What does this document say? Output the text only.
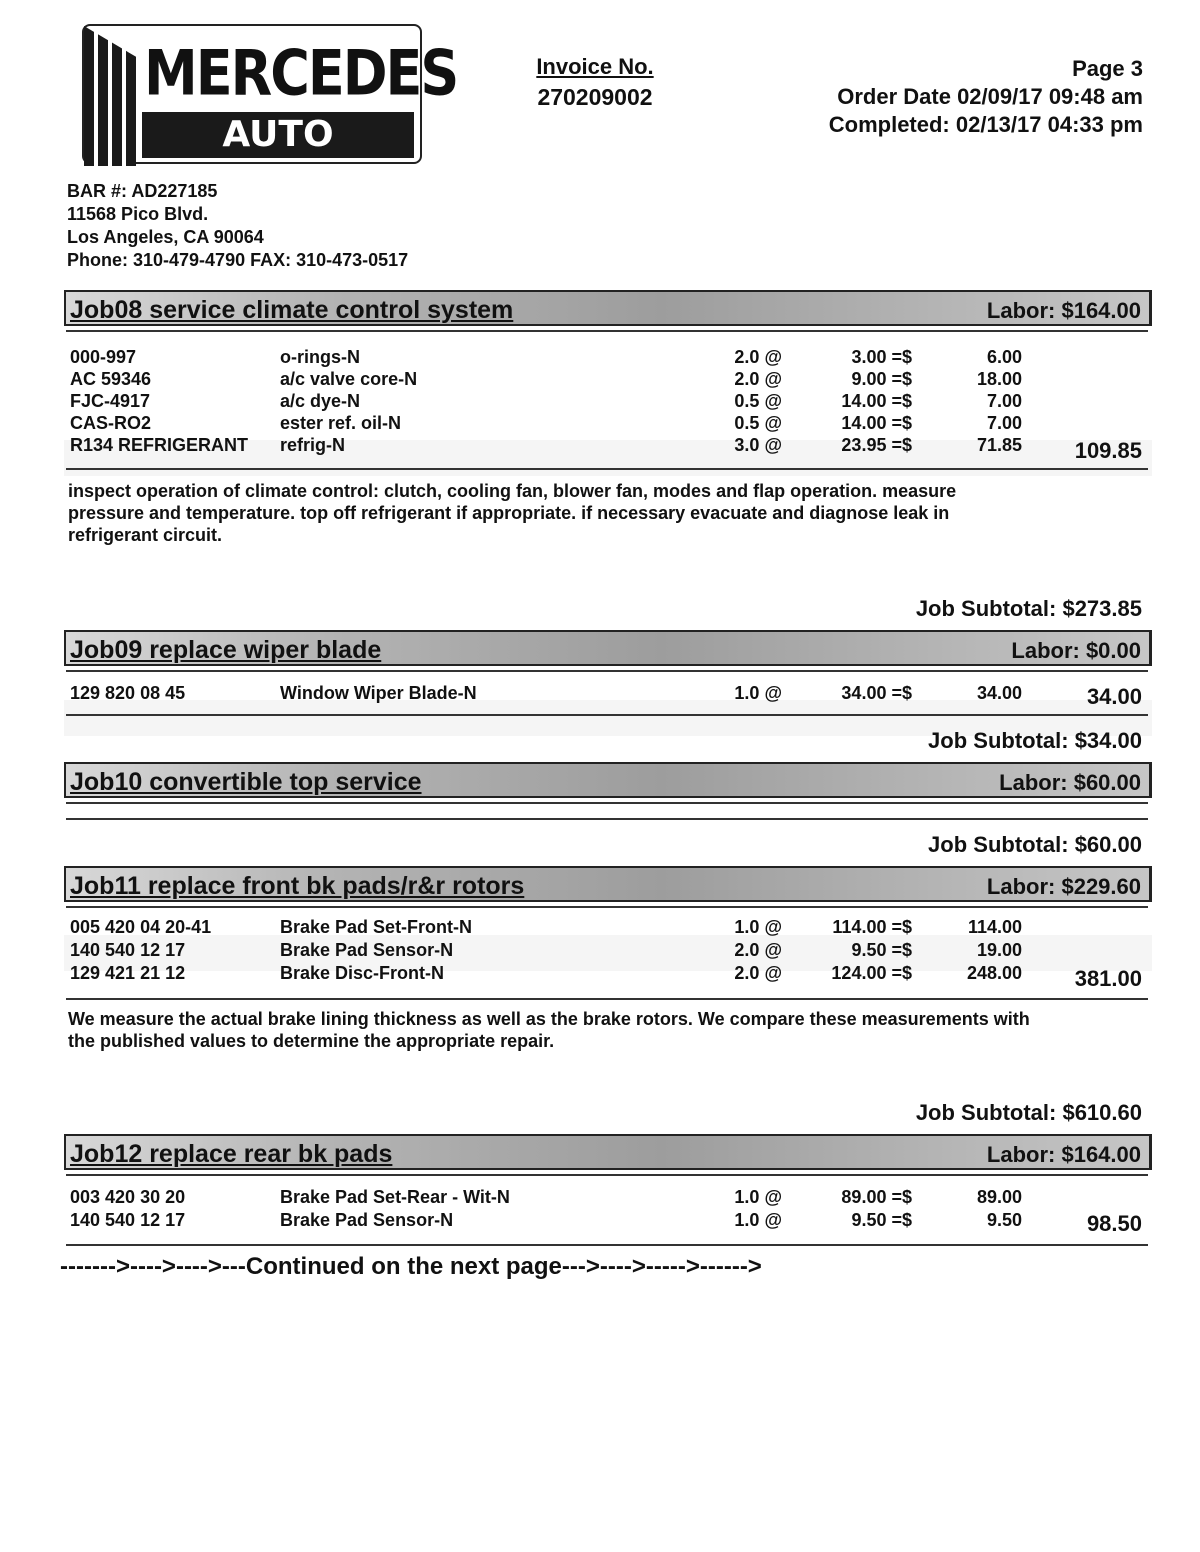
MERCEDES
AUTO SERVICE
Invoice No.
270209002
Page 3
Order Date 02/09/17 09:48 am
Completed: 02/13/17 04:33 pm
BAR #: AD227185
11568 Pico Blvd.
Los Angeles, CA 90064
Phone: 310-479-4790 FAX: 310-473-0517
Job08 service climate control system	Labor: $164.00
000-997	o-rings-N	2.0 @	3.00 =$	6.00
AC 59346	a/c valve core-N	2.0 @	9.00 =$	18.00
FJC-4917	a/c dye-N	0.5 @	14.00 =$	7.00
CAS-RO2	ester ref. oil-N	0.5 @	14.00 =$	7.00
R134 REFRIGERANT refrig-N	3.0 @	23.95 =$	71.85	109.85
inspect operation of climate control: clutch, cooling fan, blower fan, modes and flap operation. measure
pressure and temperature. top off refrigerant if appropriate. if necessary evacuate and diagnose leak in
refrigerant circuit.
Job Subtotal: $273.85
Job09 replace wiper blade	Labor: $0.00
129 820 08 45	Window Wiper Blade-N	1.0 @	34.00 =$	34.00	34.00
Job Subtotal: $34.00
Job10 convertible top service	Labor: $60.00
Job Subtotal: $60.00
Job11 replace front bk pads/r&r rotors	Labor: $229.60
005 420 04 20-41	Brake Pad Set-Front-N	1.0 @	114.00 =$	114.00
140 540 12 17	Brake Pad Sensor-N	2.0 @	9.50 =$	19.00
129 421 21 12	Brake Disc-Front-N	2.0 @	124.00 =$	248.00	381.00
We measure the actual brake lining thickness as well as the brake rotors. We compare these measurements with
the published values to determine the appropriate repair.
Job Subtotal: $610.60
Job12 replace rear bk pads	Labor: $164.00
003 420 30 20	Brake Pad Set-Rear - Wit-N	1.0 @	89.00 =$	89.00
140 540 12 17	Brake Pad Sensor-N	1.0 @	9.50 =$	9.50	98.50
------->---->---->---Continued on the next page--->---->----->------>
